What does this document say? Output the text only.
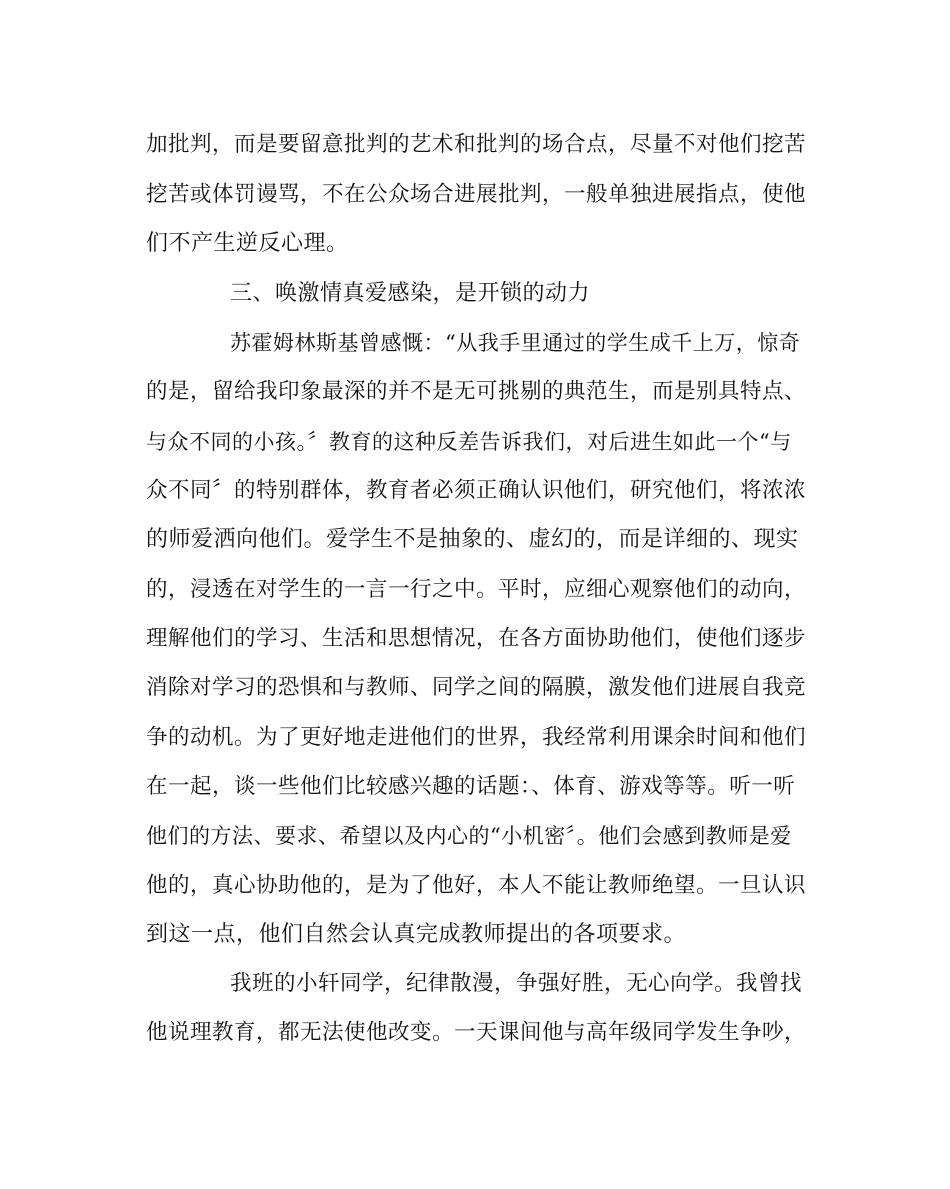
加批判，而是要留意批判的艺术和批判的场合点，尽量不对他们挖苦

挖苦或体罚谩骂，不在公众场合进展批判，一般单独进展指点，使他

们不产生逆反心理。

三、唤激情真爱感染，是开锁的动力

苏霍姆林斯基曾感慨：“从我手里通过的学生成千上万，惊奇

的是，留给我印象最深的并不是无可挑剔的典范生，而是别具特点、

与众不同的小孩。〞教育的这种反差告诉我们，对后进生如此一个“与

众不同〞的特别群体，教育者必须正确认识他们，研究他们，将浓浓

的师爱洒向他们。爱学生不是抽象的、虚幻的，而是详细的、现实

的，浸透在对学生的一言一行之中。平时，应细心观察他们的动向，

理解他们的学习、生活和思想情况，在各方面协助他们，使他们逐步

消除对学习的恐惧和与教师、同学之间的隔膜，激发他们进展自我竞

争的动机。为了更好地走进他们的世界，我经常利用课余时间和他们

在一起，谈一些他们比较感兴趣的话题：、体育、游戏等等。听一听

他们的方法、要求、希望以及内心的“小机密〞。他们会感到教师是爱

他的，真心协助他的，是为了他好，本人不能让教师绝望。一旦认识

到这一点，他们自然会认真完成教师提出的各项要求。

我班的小轩同学，纪律散漫，争强好胜，无心向学。我曾找

他说理教育，都无法使他改变。一天课间他与高年级同学发生争吵，
